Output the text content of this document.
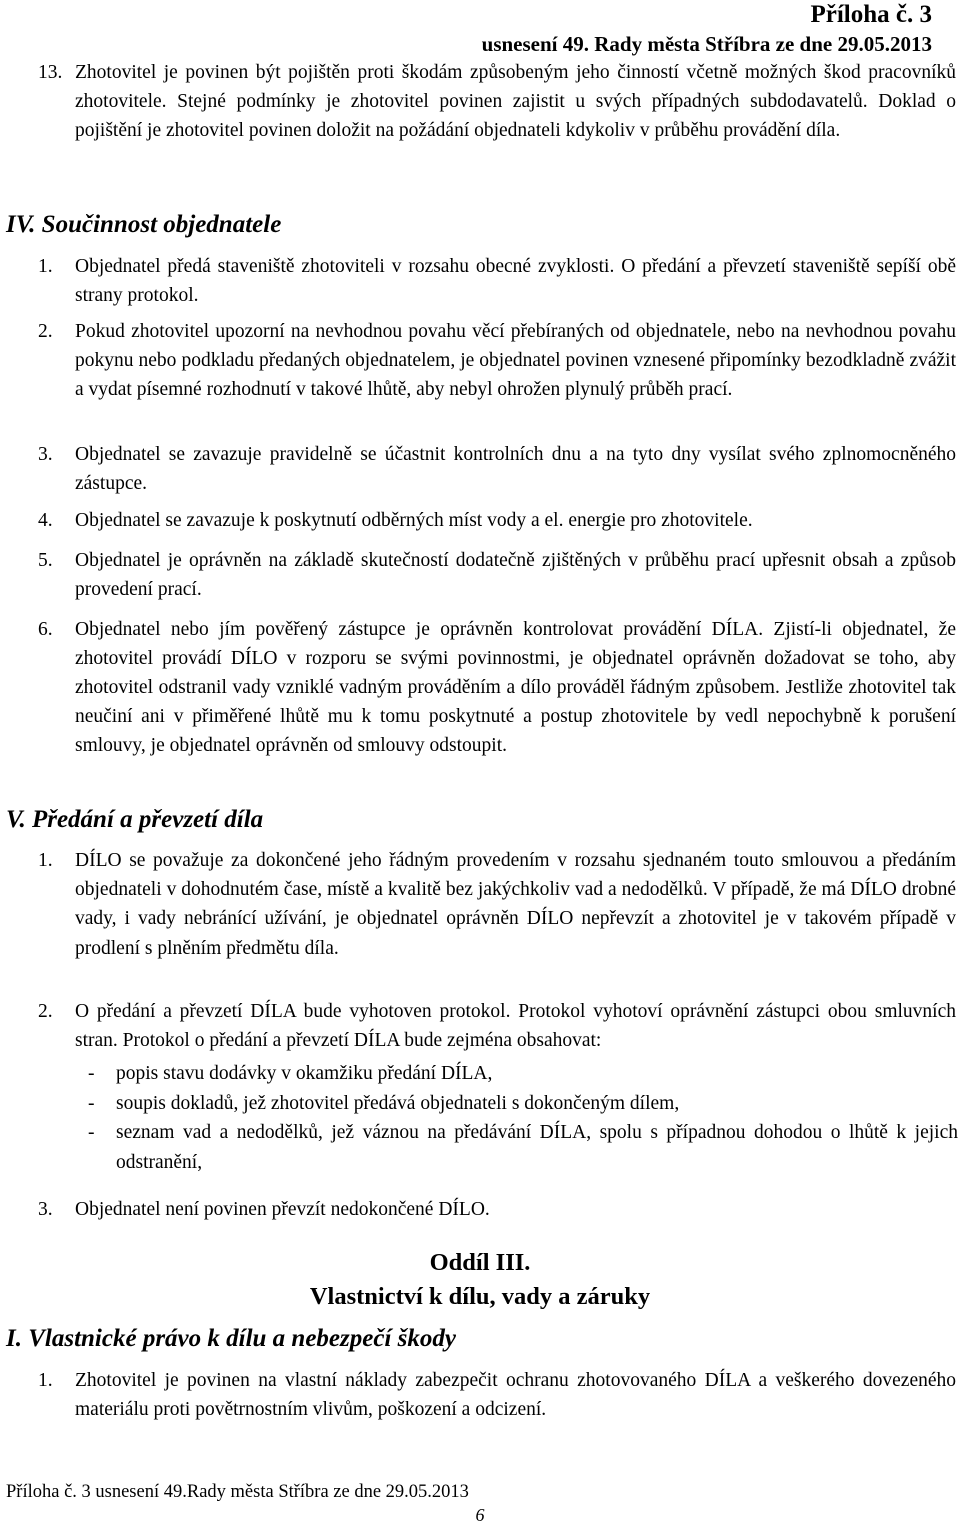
Příloha č. 3
usnesení 49. Rady města Stříbra ze dne 29.05.2013
13. Zhotovitel je povinen být pojištěn proti škodám způsobeným jeho činností včetně možných škod pracovníků zhotovitele. Stejné podmínky je zhotovitel povinen zajistit u svých případných subdodavatelů. Doklad o pojištění je zhotovitel povinen doložit na požádání objednateli kdykoliv v průběhu provádění díla.
IV. Součinnost objednatele
1. Objednatel předá staveniště zhotoviteli v rozsahu obecné zvyklosti. O předání a převzetí staveniště sepíší obě strany protokol.
2. Pokud zhotovitel upozorní na nevhodnou povahu věcí přebíraných od objednatele, nebo na nevhodnou povahu pokynu nebo podkladu předaných objednatelem, je objednatel povinen vznesené připomínky bezodkladně zvážit a vydat písemné rozhodnutí v takové lhůtě, aby nebyl ohrožen plynulý průběh prací.
3. Objednatel se zavazuje pravidelně se účastnit kontrolních dnu a na tyto dny vysílat svého zplnomocněného zástupce.
4. Objednatel se zavazuje k poskytnutí odběrných míst vody a el. energie pro zhotovitele.
5. Objednatel je oprávněn na základě skutečností dodatečně zjištěných v průběhu prací upřesnit obsah a způsob provedení prací.
6. Objednatel nebo jím pověřený zástupce je oprávněn kontrolovat provádění DÍLA. Zjistí-li objednatel, že zhotovitel provádí DÍLO v rozporu se svými povinnostmi, je objednatel oprávněn dožadovat se toho, aby zhotovitel odstranil vady vzniklé vadným prováděním a dílo prováděl řádným způsobem. Jestliže zhotovitel tak neučiní ani v přiměřené lhůtě mu k tomu poskytnuté a postup zhotovitele by vedl nepochybně k porušení smlouvy, je objednatel oprávněn od smlouvy odstoupit.
V. Předání a převzetí díla
1. DÍLO se považuje za dokončené jeho řádným provedením v rozsahu sjednaném touto smlouvou a předáním objednateli v dohodnutém čase, místě a kvalitě bez jakýchkoliv vad a nedodělků. V případě, že má DÍLO drobné vady, i vady nebránící užívání, je objednatel oprávněn DÍLO nepřevzít a zhotovitel je v takovém případě v prodlení s plněním předmětu díla.
2. O předání a převzetí DÍLA bude vyhotoven protokol. Protokol vyhotoví oprávnění zástupci obou smluvních stran. Protokol o předání a převzetí DÍLA bude zejména obsahovat:
- popis stavu dodávky v okamžiku předání DÍLA,
- soupis dokladů, jež zhotovitel předává objednateli s dokončeným dílem,
- seznam vad a nedodělků, jež váznou na předávání DÍLA, spolu s případnou dohodou o lhůtě k jejich odstranění,
3. Objednatel není povinen převzít nedokončené DÍLO.
Oddíl III.
Vlastnictví k dílu, vady a záruky
I. Vlastnické právo k dílu a nebezpečí škody
1. Zhotovitel je povinen na vlastní náklady zabezpečit ochranu zhotovovaného DÍLA a veškerého dovezeného materiálu proti povětrnostním vlivům, poškození a odcizení.
Příloha č. 3 usnesení 49.Rady města Stříbra ze dne 29.05.2013
6
